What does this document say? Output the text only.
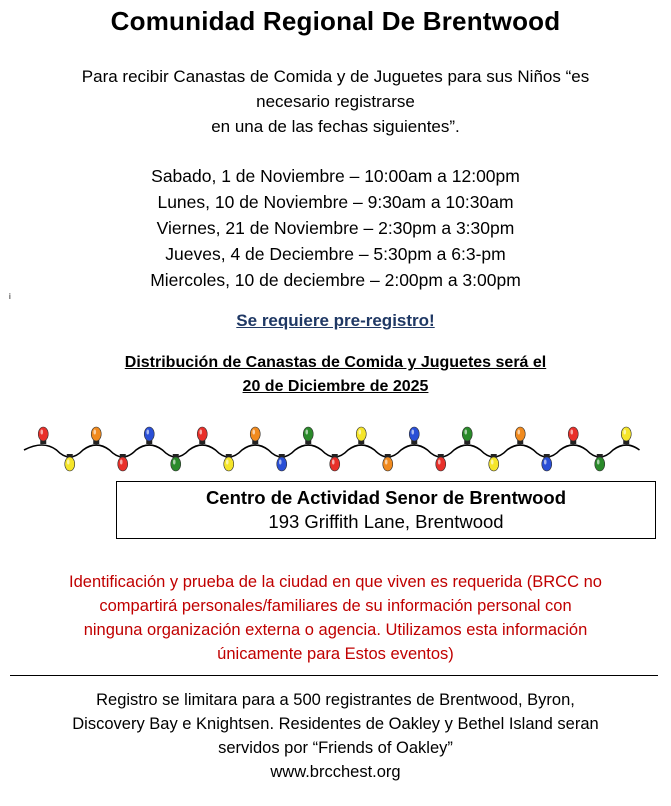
Comunidad Regional De Brentwood
Para recibir Canastas de Comida y de Juguetes para sus Niños “es
necesario registrarse
en una de las fechas siguientes”.
Sabado, 1 de Noviembre – 10:00am a 12:00pm
Lunes, 10 de Noviembre – 9:30am a 10:30am
Viernes, 21 de Noviembre – 2:30pm a 3:30pm
Jueves, 4 de Deciembre – 5:30pm a 6:3-pm
Miercoles, 10 de deciembre – 2:00pm a 3:00pm
i
Se requiere pre-registro!
Distribución de Canastas de Comida y Juguetes será el
20 de Diciembre de 2025
Centro de Actividad Senor de Brentwood
193 Griffith Lane, Brentwood
Identificación y prueba de la ciudad en que viven es requerida (BRCC no
compartirá personales/familiares de su información personal con
ninguna organización externa o agencia. Utilizamos esta información
únicamente para Estos eventos)
Registro se limitara para a 500 registrantes de Brentwood, Byron,
Discovery Bay e Knightsen. Residentes de Oakley y Bethel Island seran
servidos por “Friends of Oakley”
www.brcchest.org
